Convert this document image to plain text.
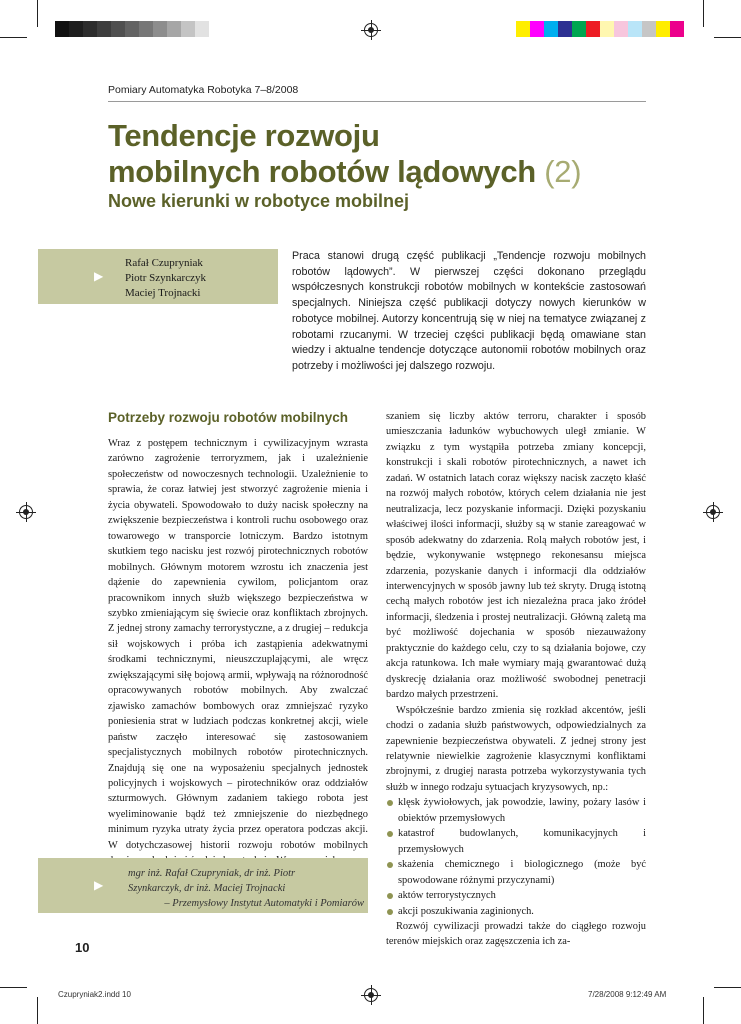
Pomiary Automatyka Robotyka 7–8/2008
Tendencje rozwoju
mobilnych robotów lądowych (2)
Nowe kierunki w robotyce mobilnej
▶
Rafał Czupryniak
Piotr Szynkarczyk
Maciej Trojnacki
Praca stanowi drugą część publikacji „Tendencje rozwoju mobilnych robotów lądowych”. W pierwszej części dokonano przeglądu współczesnych konstrukcji robotów mobilnych w kontekście zastosowań specjalnych. Niniejsza część publikacji dotyczy nowych kierunków w robotyce mobilnej. Autorzy koncentrują się w niej na tematyce związanej z robotami rzucanymi. W trzeciej części publikacji będą omawiane stan wiedzy i aktualne tendencje dotyczące autonomii robotów mobilnych oraz potrzeby i możliwości jej dalszego rozwoju.
Potrzeby rozwoju robotów mobilnych

Wraz z postępem technicznym i cywilizacyjnym wzrasta zarówno zagrożenie terroryzmem, jak i uzależnienie społeczeństw od nowoczesnych technologii. Uzależnienie to sprawia, że coraz łatwiej jest stworzyć zagrożenie mienia i życia obywateli. Spowodowało to duży nacisk społeczny na zwiększenie bezpieczeństwa i kontroli ruchu osobowego oraz towarowego w transporcie lotniczym. Bardzo istotnym skutkiem tego nacisku jest rozwój pirotechnicznych robotów mobilnych. Głównym motorem wzrostu ich znaczenia jest dążenie do zapewnienia cywilom, policjantom oraz pracownikom innych służb większego bezpieczeństwa w szybko zmieniającym się świecie oraz konfliktach zbrojnych. Z jednej strony zamachy terrorystyczne, a z drugiej – redukcja sił wojskowych i próba ich zastąpienia adekwatnymi środkami technicznymi, nieuszczuplającymi, ale wręcz zwiększającymi siłę bojową armii, wpływają na różnorodność opracowywanych robotów mobilnych. Aby zwalczać zjawisko zamachów bombowych oraz zmniejszać ryzyko poniesienia strat w ludziach podczas konkretnej akcji, wiele państw zaczęło interesować się zastosowaniem specjalistycznych mobilnych robotów pirotechnicznych. Znajdują się one na wyposażeniu specjalnych jednostek policyjnych i wojskowych – pirotechników oraz oddziałów szturmowych. Głównym zadaniem takiego robota jest wyeliminowanie bądź też zmniejszenie do niezbędnego minimum ryzyka utraty życia przez operatora podczas akcji. W dotychczasowej historii rozwoju robotów mobilnych

szaniem się liczby aktów terroru, charakter i sposób umieszczania ładunków wybuchowych uległ zmianie. W związku z tym wystąpiła potrzeba zmiany koncepcji, konstrukcji i skali robotów pirotechnicznych, a nawet ich zadań. W ostatnich latach coraz większy nacisk zaczęto kłaść na rozwój małych robotów, których celem działania nie jest neutralizacja, lecz pozyskanie informacji. Dzięki pozyskaniu właściwej ilości informacji, służby są w stanie zareagować w sposób adekwatny do zdarzenia. Rolą małych robotów jest, i będzie, wykonywanie wstępnego rekonesansu miejsca zdarzenia, pozyskanie danych i informacji dla oddziałów interwencyjnych w sposób jawny lub też skryty. Drugą istotną cechą małych robotów jest ich niezależna praca jako źródeł informacji, śledzenia i prostej neutralizacji. Główną zaletą ma być możliwość dojechania w sposób niezauważony praktycznie do każdego celu, czy to są działania bojowe, czy akcja ratunkowa. Ich małe wymiary mają gwarantować dużą dyskrecję działania oraz możliwość swobodnej penetracji bardzo małych przestrzeni.

Współcześnie bardzo zmienia się rozkład akcentów, jeśli chodzi o zadania służb państwowych, odpowiedzialnych za zapewnienie bezpieczeństwa obywateli. Z jednej strony jest relatywnie niewielkie zagrożenie klasycznymi konfliktami zbrojnymi, z drugiej narasta potrzeba wykorzystywania tych służb w innego rodzaju sytuacjach kryzysowych, np.:

klęsk żywiołowych, jak powodzie, lawiny, pożary lasów i obiektów przemysłowych
katastrof budowlanych, komunikacyjnych i przemysłowych
skażenia chemicznego i biologicznego (może być spowodowane różnymi przyczynami)
aktów terrorystycznych
akcji poszukiwania zaginionych.

Rozwój cywilizacji prowadzi także do ciągłego rozwoju terenów miejskich oraz zagęszczenia ich za-

▶
mgr inż. Rafał Czupryniak, dr inż. Piotr
Szynkarczyk, dr inż. Maciej Trojnacki
– Przemysłowy Instytut Automatyki i Pomiarów
10
Czupryniak2.indd 10	7/28/2008 9:12:49 AM
